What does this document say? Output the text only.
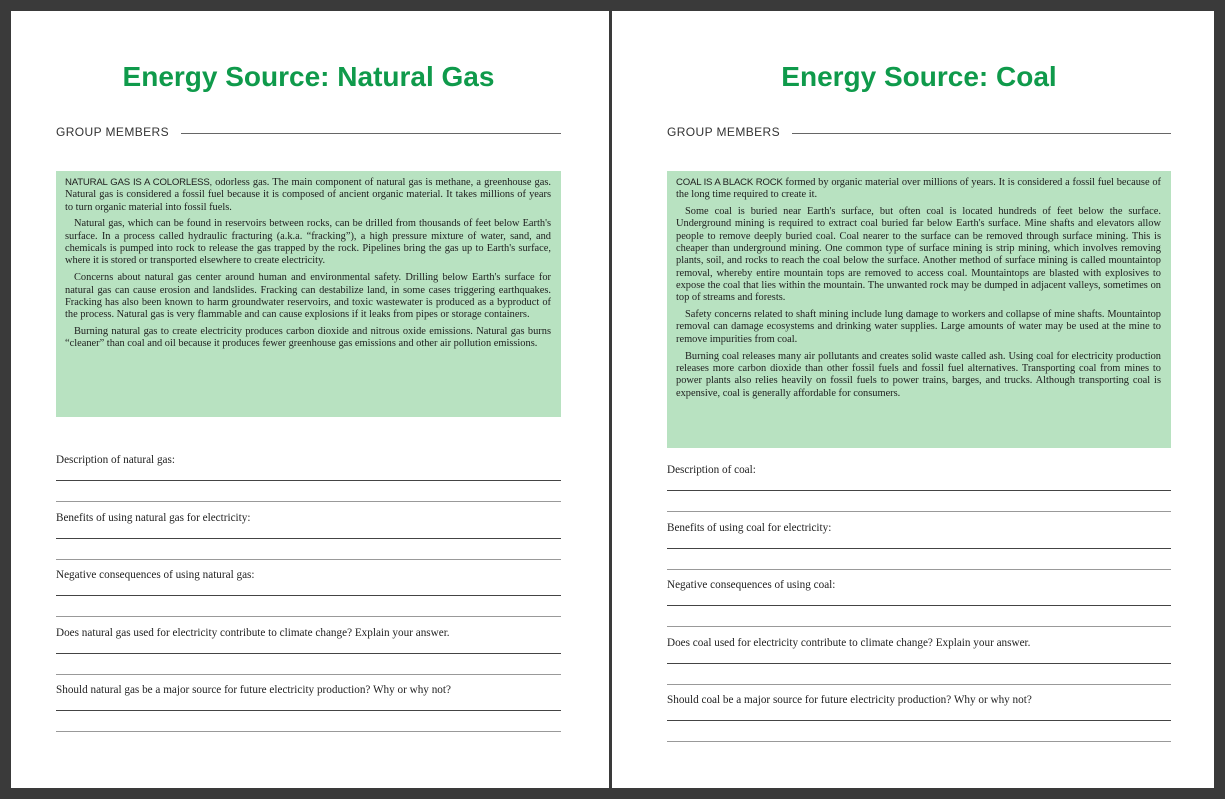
Energy Source: Natural Gas
GROUP MEMBERS

NATURAL GAS IS A COLORLESS, odorless gas. The main component of natural gas is methane, a greenhouse gas. Natural gas is considered a fossil fuel because it is composed of ancient organic material. It takes millions of years to turn organic material into fossil fuels.

Natural gas, which can be found in reservoirs between rocks, can be drilled from thousands of feet below Earth's surface. In a process called hydraulic fracturing (a.k.a. “fracking”), a high pressure mixture of water, sand, and chemicals is pumped into rock to release the gas trapped by the rock. Pipelines bring the gas up to Earth's surface, where it is stored or transported elsewhere to create electricity.

Concerns about natural gas center around human and environmental safety. Drilling below Earth's surface for natural gas can cause erosion and landslides. Fracking can destabilize land, in some cases triggering earthquakes. Fracking has also been known to harm groundwater reservoirs, and toxic wastewater is produced as a byproduct of the process. Natural gas is very flammable and can cause explosions if it leaks from pipes or storage containers.

Burning natural gas to create electricity produces carbon dioxide and nitrous oxide emissions. Natural gas burns “cleaner” than coal and oil because it produces fewer greenhouse gas emissions and other air pollution emissions.

Description of natural gas:
Benefits of using natural gas for electricity:
Negative consequences of using natural gas:
Does natural gas used for electricity contribute to climate change? Explain your answer.
Should natural gas be a major source for future electricity production? Why or why not?
Energy Source: Coal
GROUP MEMBERS

COAL IS A BLACK ROCK formed by organic material over millions of years. It is considered a fossil fuel because of the long time required to create it.

Some coal is buried near Earth's surface, but often coal is located hundreds of feet below the surface. Underground mining is required to extract coal buried far below Earth's surface. Mine shafts and elevators allow people to remove deeply buried coal. Coal nearer to the surface can be removed through surface mining. This is cheaper than underground mining. One common type of surface mining is strip mining, which involves removing plants, soil, and rocks to reach the coal below the surface. Another method of surface mining is called mountaintop removal, whereby entire mountain tops are removed to access coal. Mountaintops are blasted with explosives to expose the coal that lies within the mountain. The unwanted rock may be dumped in adjacent valleys, sometimes on top of streams and forests.

Safety concerns related to shaft mining include lung damage to workers and collapse of mine shafts. Mountaintop removal can damage ecosystems and drinking water supplies. Large amounts of water may be used at the mine to remove impurities from coal.

Burning coal releases many air pollutants and creates solid waste called ash. Using coal for electricity production releases more carbon dioxide than other fossil fuels and fossil fuel alternatives. Transporting coal from mines to power plants also relies heavily on fossil fuels to power trains, barges, and trucks. Although transporting coal is expensive, coal is generally affordable for consumers.

Description of coal:
Benefits of using coal for electricity:
Negative consequences of using coal:
Does coal used for electricity contribute to climate change? Explain your answer.
Should coal be a major source for future electricity production? Why or why not?
